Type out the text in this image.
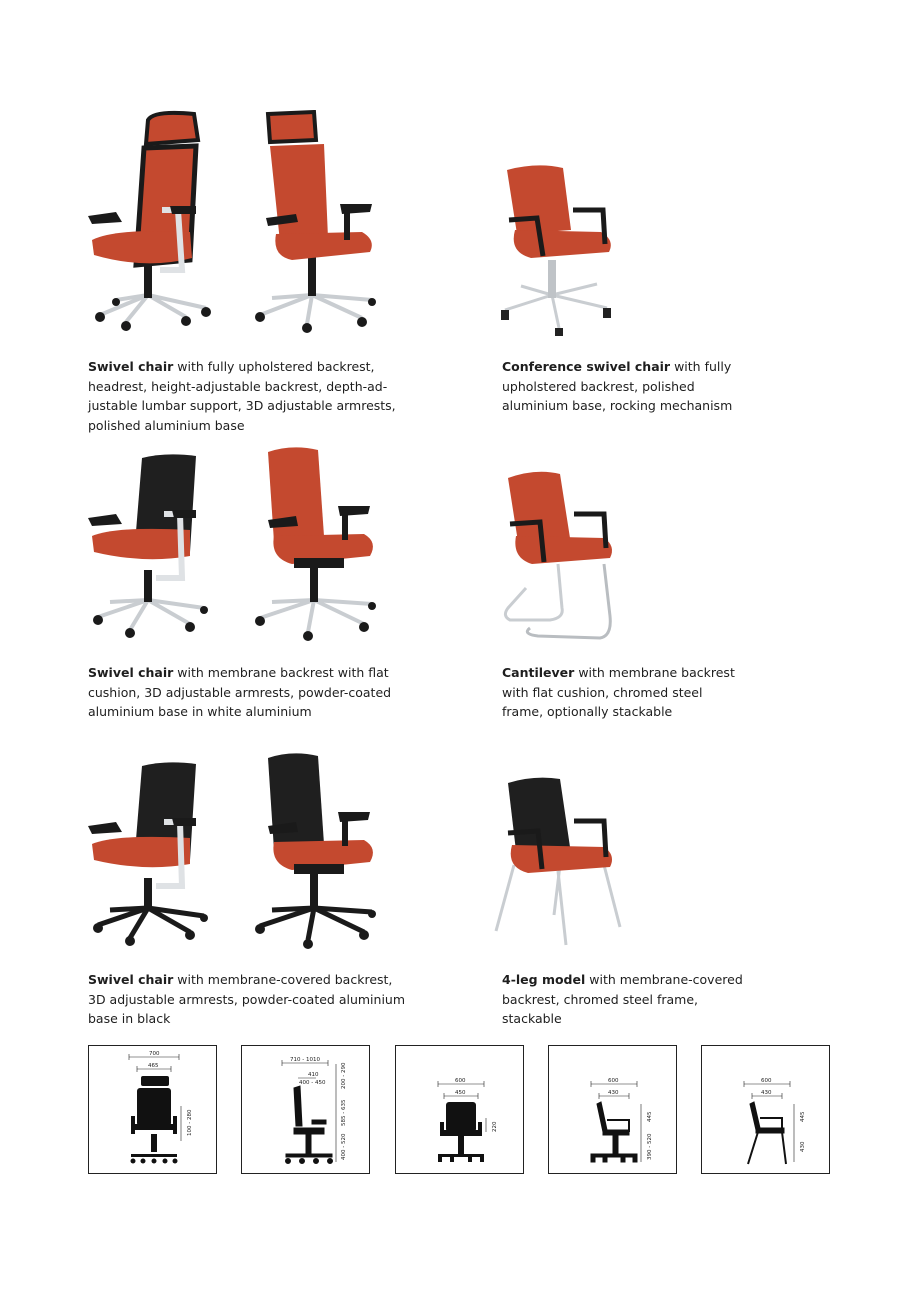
Swivel chair with fully upholstered backrest,
headrest, height-adjustable backrest, depth-ad-
justable lumbar support, 3D adjustable armrests,
polished aluminium base

Conference swivel chair with fully
upholstered backrest, polished
aluminium base, rocking mechanism

Swivel chair with membrane backrest with flat
cushion, 3D adjustable armrests, powder-coated
aluminium base in white aluminium

Cantilever with membrane backrest
with flat cushion, chromed steel
frame, optionally stackable

Swivel chair with membrane-covered backrest,
3D adjustable armrests, powder-coated aluminium
base in black

4-leg model with membrane-covered
backrest, chromed steel frame,
stackable

700
465
100 - 280
710 - 1010
410
400 - 450	200 - 290
585 - 635
400 - 520
600
450
220
600
430
445
390 - 520
600
430
445
430
